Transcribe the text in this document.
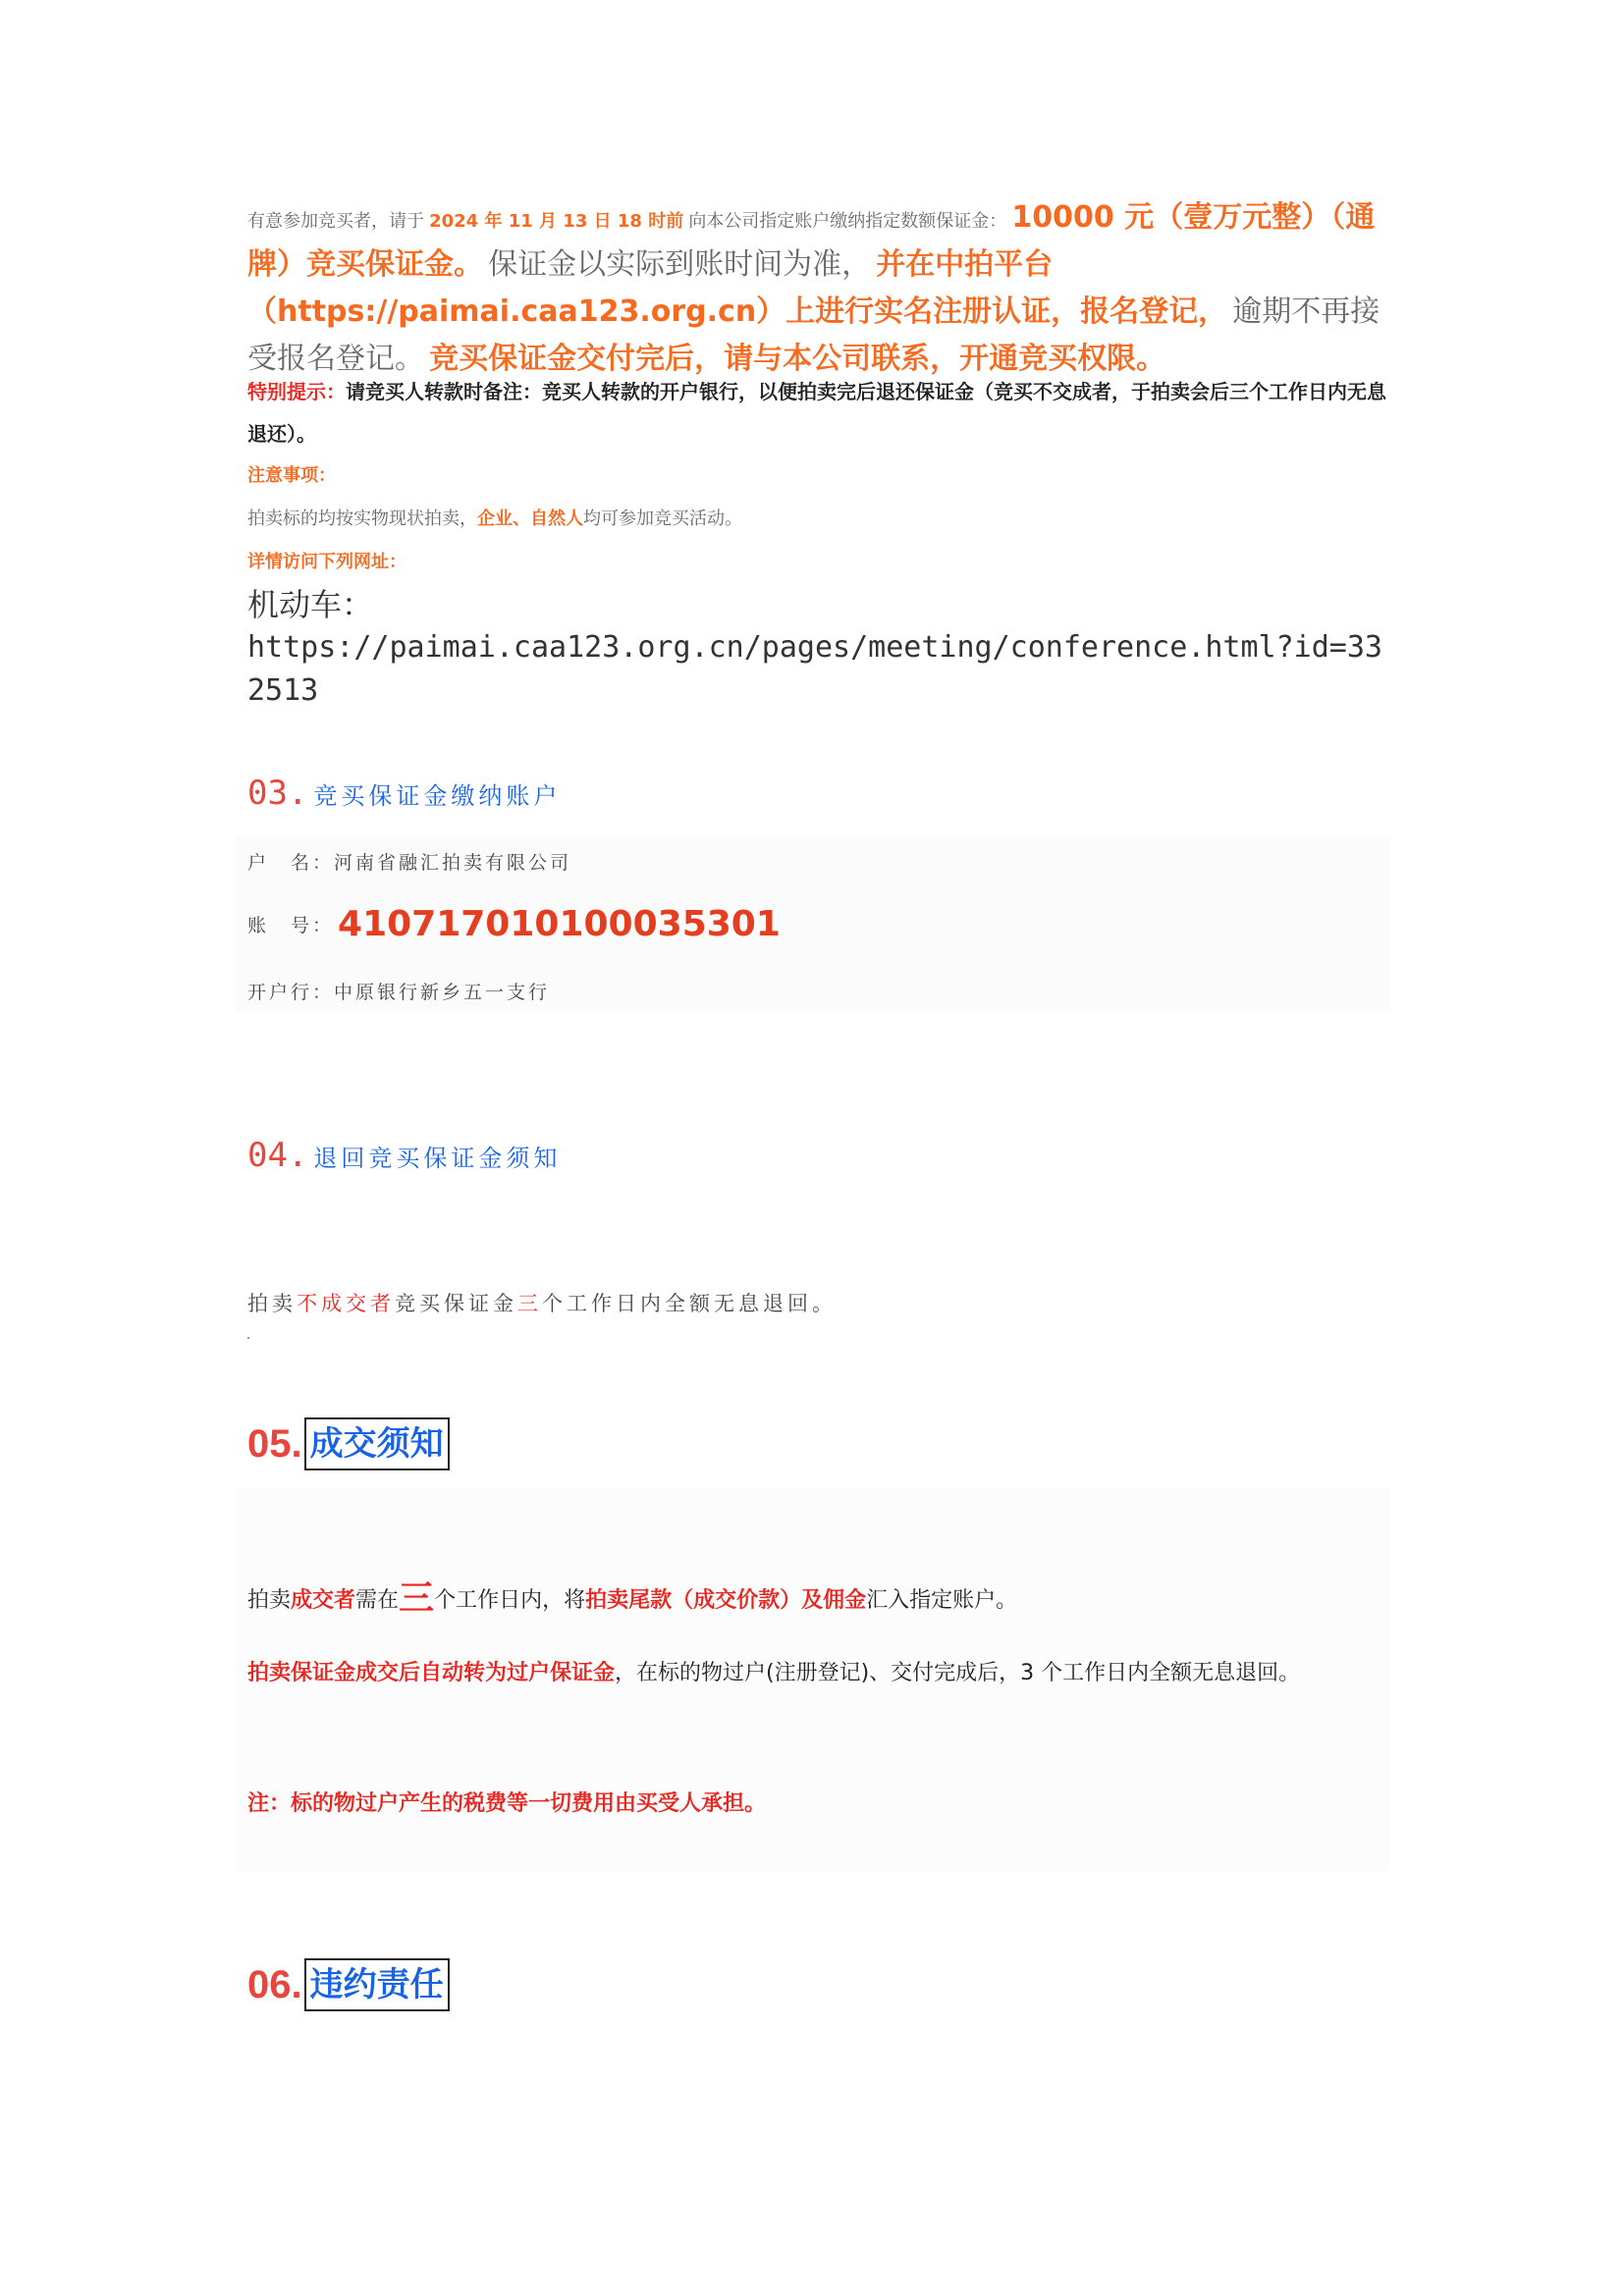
有意参加竞买者，请于 2024 年 11 月 13 日 18 时前 向本公司指定账户缴纳指定数额保证金： 10000 元（壹万元整）（通牌）竞买保证金。 保证金以实际到账时间为准， 并在中拍平台（https://paimai.caa123.org.cn）上进行实名注册认证，报名登记， 逾期不再接受报名登记。 竞买保证金交付完后，请与本公司联系，开通竞买权限。

特别提示：请竞买人转款时备注：竞买人转款的开户银行，以便拍卖完后退还保证金（竞买不交成者，于拍卖会后三个工作日内无息退还）。

注意事项：

拍卖标的均按实物现状拍卖，企业、自然人均可参加竞买活动。

详情访问下列网址：

机动车：

https://paimai.caa123.org.cn/pages/meeting/conference.html?id=332513

03. 竞买保证金缴纳账户
户　名：河南省融汇拍卖有限公司
账　号： 410717010100035301
开户行：中原银行新乡五一支行
04. 退回竞买保证金须知

拍卖不成交者竞买保证金三个工作日内全额无息退回。

05. 成交须知

拍卖成交者需在三个工作日内，将拍卖尾款（成交价款）及佣金汇入指定账户。

拍卖保证金成交后自动转为过户保证金，在标的物过户(注册登记)、交付完成后，3 个工作日内全额无息退回。

注：标的物过户产生的税费等一切费用由买受人承担。

06. 违约责任
